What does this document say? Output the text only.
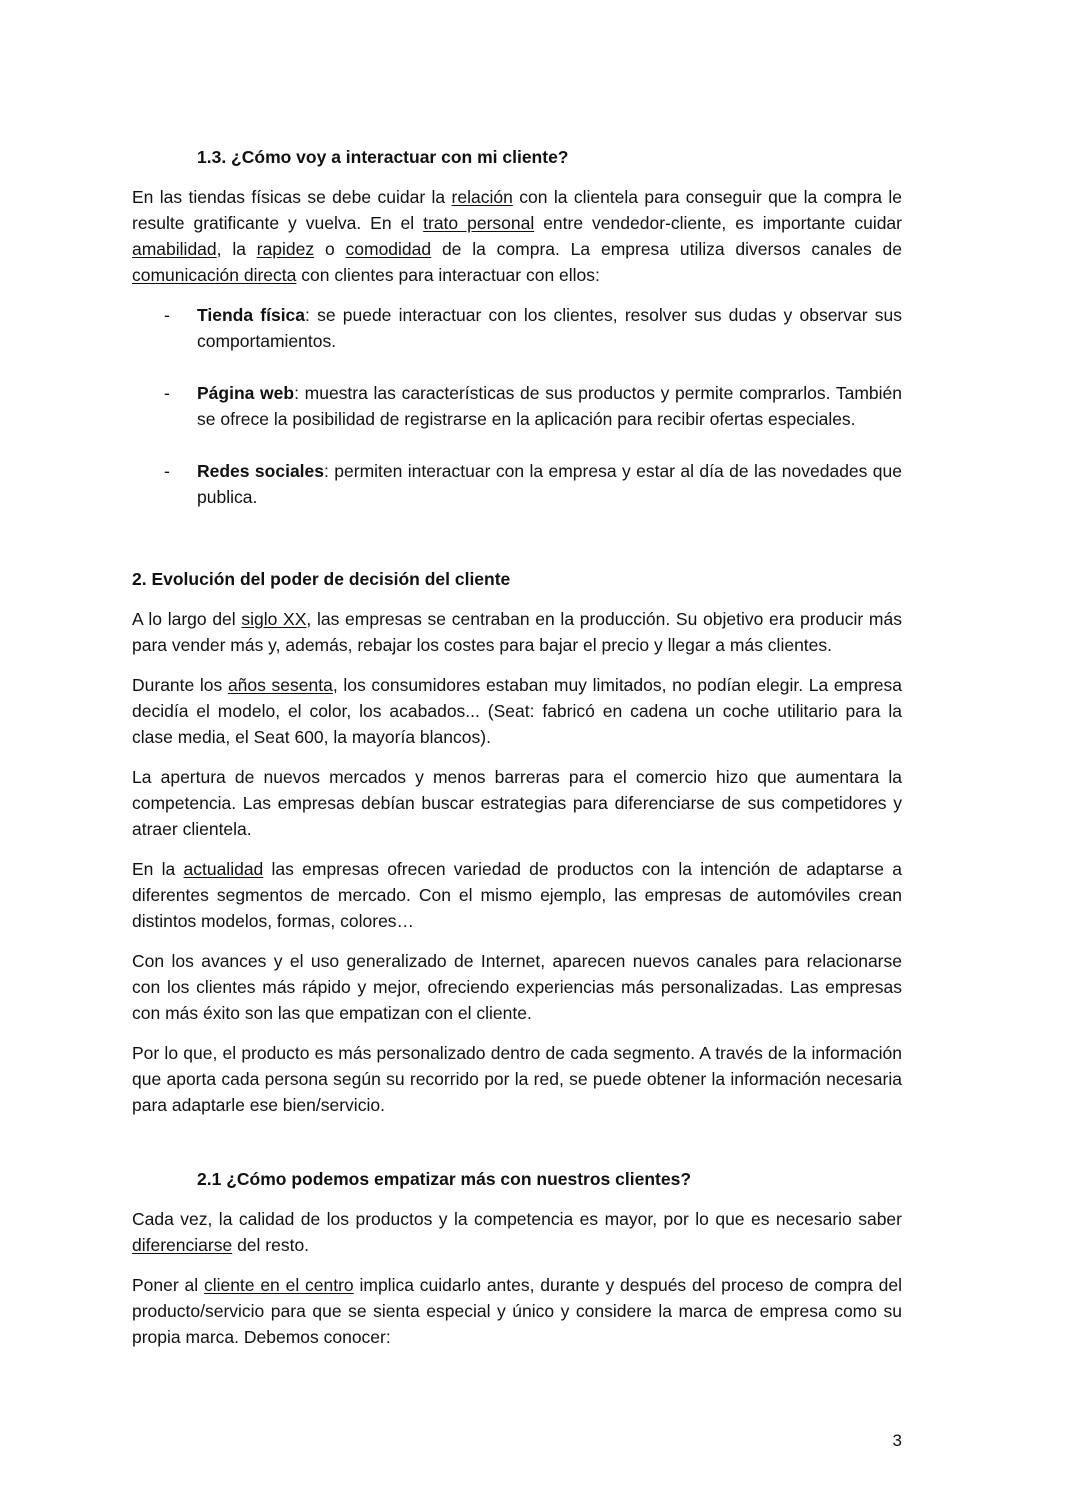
1.3. ¿Cómo voy a interactuar con mi cliente?

En las tiendas físicas se debe cuidar la relación con la clientela para conseguir que la compra le resulte gratificante y vuelva. En el trato personal entre vendedor-cliente, es importante cuidar amabilidad, la rapidez o comodidad de la compra. La empresa utiliza diversos canales de comunicación directa con clientes para interactuar con ellos:

- Tienda física: se puede interactuar con los clientes, resolver sus dudas y observar sus comportamientos.

- Página web: muestra las características de sus productos y permite comprarlos. También se ofrece la posibilidad de registrarse en la aplicación para recibir ofertas especiales.

- Redes sociales: permiten interactuar con la empresa y estar al día de las novedades que publica.

2. Evolución del poder de decisión del cliente

A lo largo del siglo XX, las empresas se centraban en la producción. Su objetivo era producir más para vender más y, además, rebajar los costes para bajar el precio y llegar a más clientes.

Durante los años sesenta, los consumidores estaban muy limitados, no podían elegir. La empresa decidía el modelo, el color, los acabados... (Seat: fabricó en cadena un coche utilitario para la clase media, el Seat 600, la mayoría blancos).

La apertura de nuevos mercados y menos barreras para el comercio hizo que aumentara la competencia. Las empresas debían buscar estrategias para diferenciarse de sus competidores y atraer clientela.

En la actualidad las empresas ofrecen variedad de productos con la intención de adaptarse a diferentes segmentos de mercado. Con el mismo ejemplo, las empresas de automóviles crean distintos modelos, formas, colores…

Con los avances y el uso generalizado de Internet, aparecen nuevos canales para relacionarse con los clientes más rápido y mejor, ofreciendo experiencias más personalizadas. Las empresas con más éxito son las que empatizan con el cliente.

Por lo que, el producto es más personalizado dentro de cada segmento. A través de la información que aporta cada persona según su recorrido por la red, se puede obtener la información necesaria para adaptarle ese bien/servicio.

2.1 ¿Cómo podemos empatizar más con nuestros clientes?

Cada vez, la calidad de los productos y la competencia es mayor, por lo que es necesario saber diferenciarse del resto.

Poner al cliente en el centro implica cuidarlo antes, durante y después del proceso de compra del producto/servicio para que se sienta especial y único y considere la marca de empresa como su propia marca. Debemos conocer:

3
